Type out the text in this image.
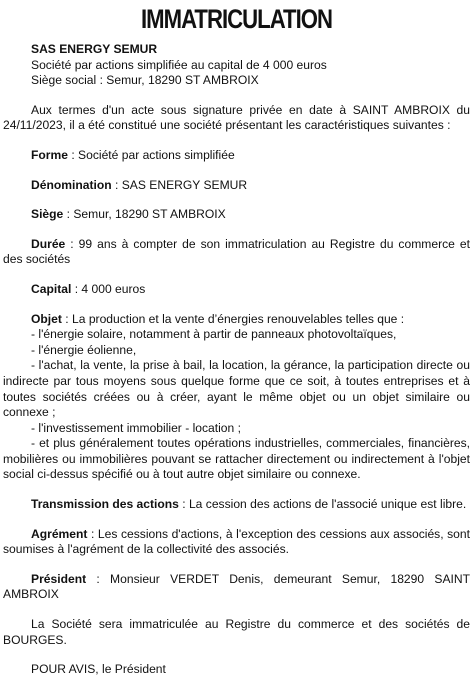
IMMATRICULATION
SAS ENERGY SEMUR
Société par actions simplifiée au capital de 4 000 euros
Siège social : Semur, 18290 ST AMBROIX

Aux termes d'un acte sous signature privée en date à SAINT AMBROIX du 24/11/2023, il a été constitué une société présentant les caractéristiques suivantes :

Forme : Société par actions simplifiée

Dénomination : SAS ENERGY SEMUR

Siège : Semur, 18290 ST AMBROIX

Durée : 99 ans à compter de son immatriculation au Registre du commerce et des sociétés

Capital : 4 000 euros

Objet : La production et la vente d’énergies renouvelables telles que :

- l'énergie solaire, notamment à partir de panneaux photovoltaïques,

- l'énergie éolienne,

- l'achat, la vente, la prise à bail, la location, la gérance, la participation directe ou indirecte par tous moyens sous quelque forme que ce soit, à toutes entreprises et à toutes sociétés créées ou à créer, ayant le même objet ou un objet similaire ou connexe ;

- l'investissement immobilier - location ;

- et plus généralement toutes opérations industrielles, commerciales, financières, mobilières ou immobilières pouvant se rattacher directement ou indirectement à l'objet social ci-dessus spécifié ou à tout autre objet similaire ou connexe.

Transmission des actions : La cession des actions de l'associé unique est libre.

Agrément : Les cessions d'actions, à l'exception des cessions aux associés, sont soumises à l'agrément de la collectivité des associés.

Président : Monsieur VERDET Denis, demeurant Semur, 18290 SAINT AMBROIX

La Société sera immatriculée au Registre du commerce et des sociétés de BOURGES.

POUR AVIS, le Président
